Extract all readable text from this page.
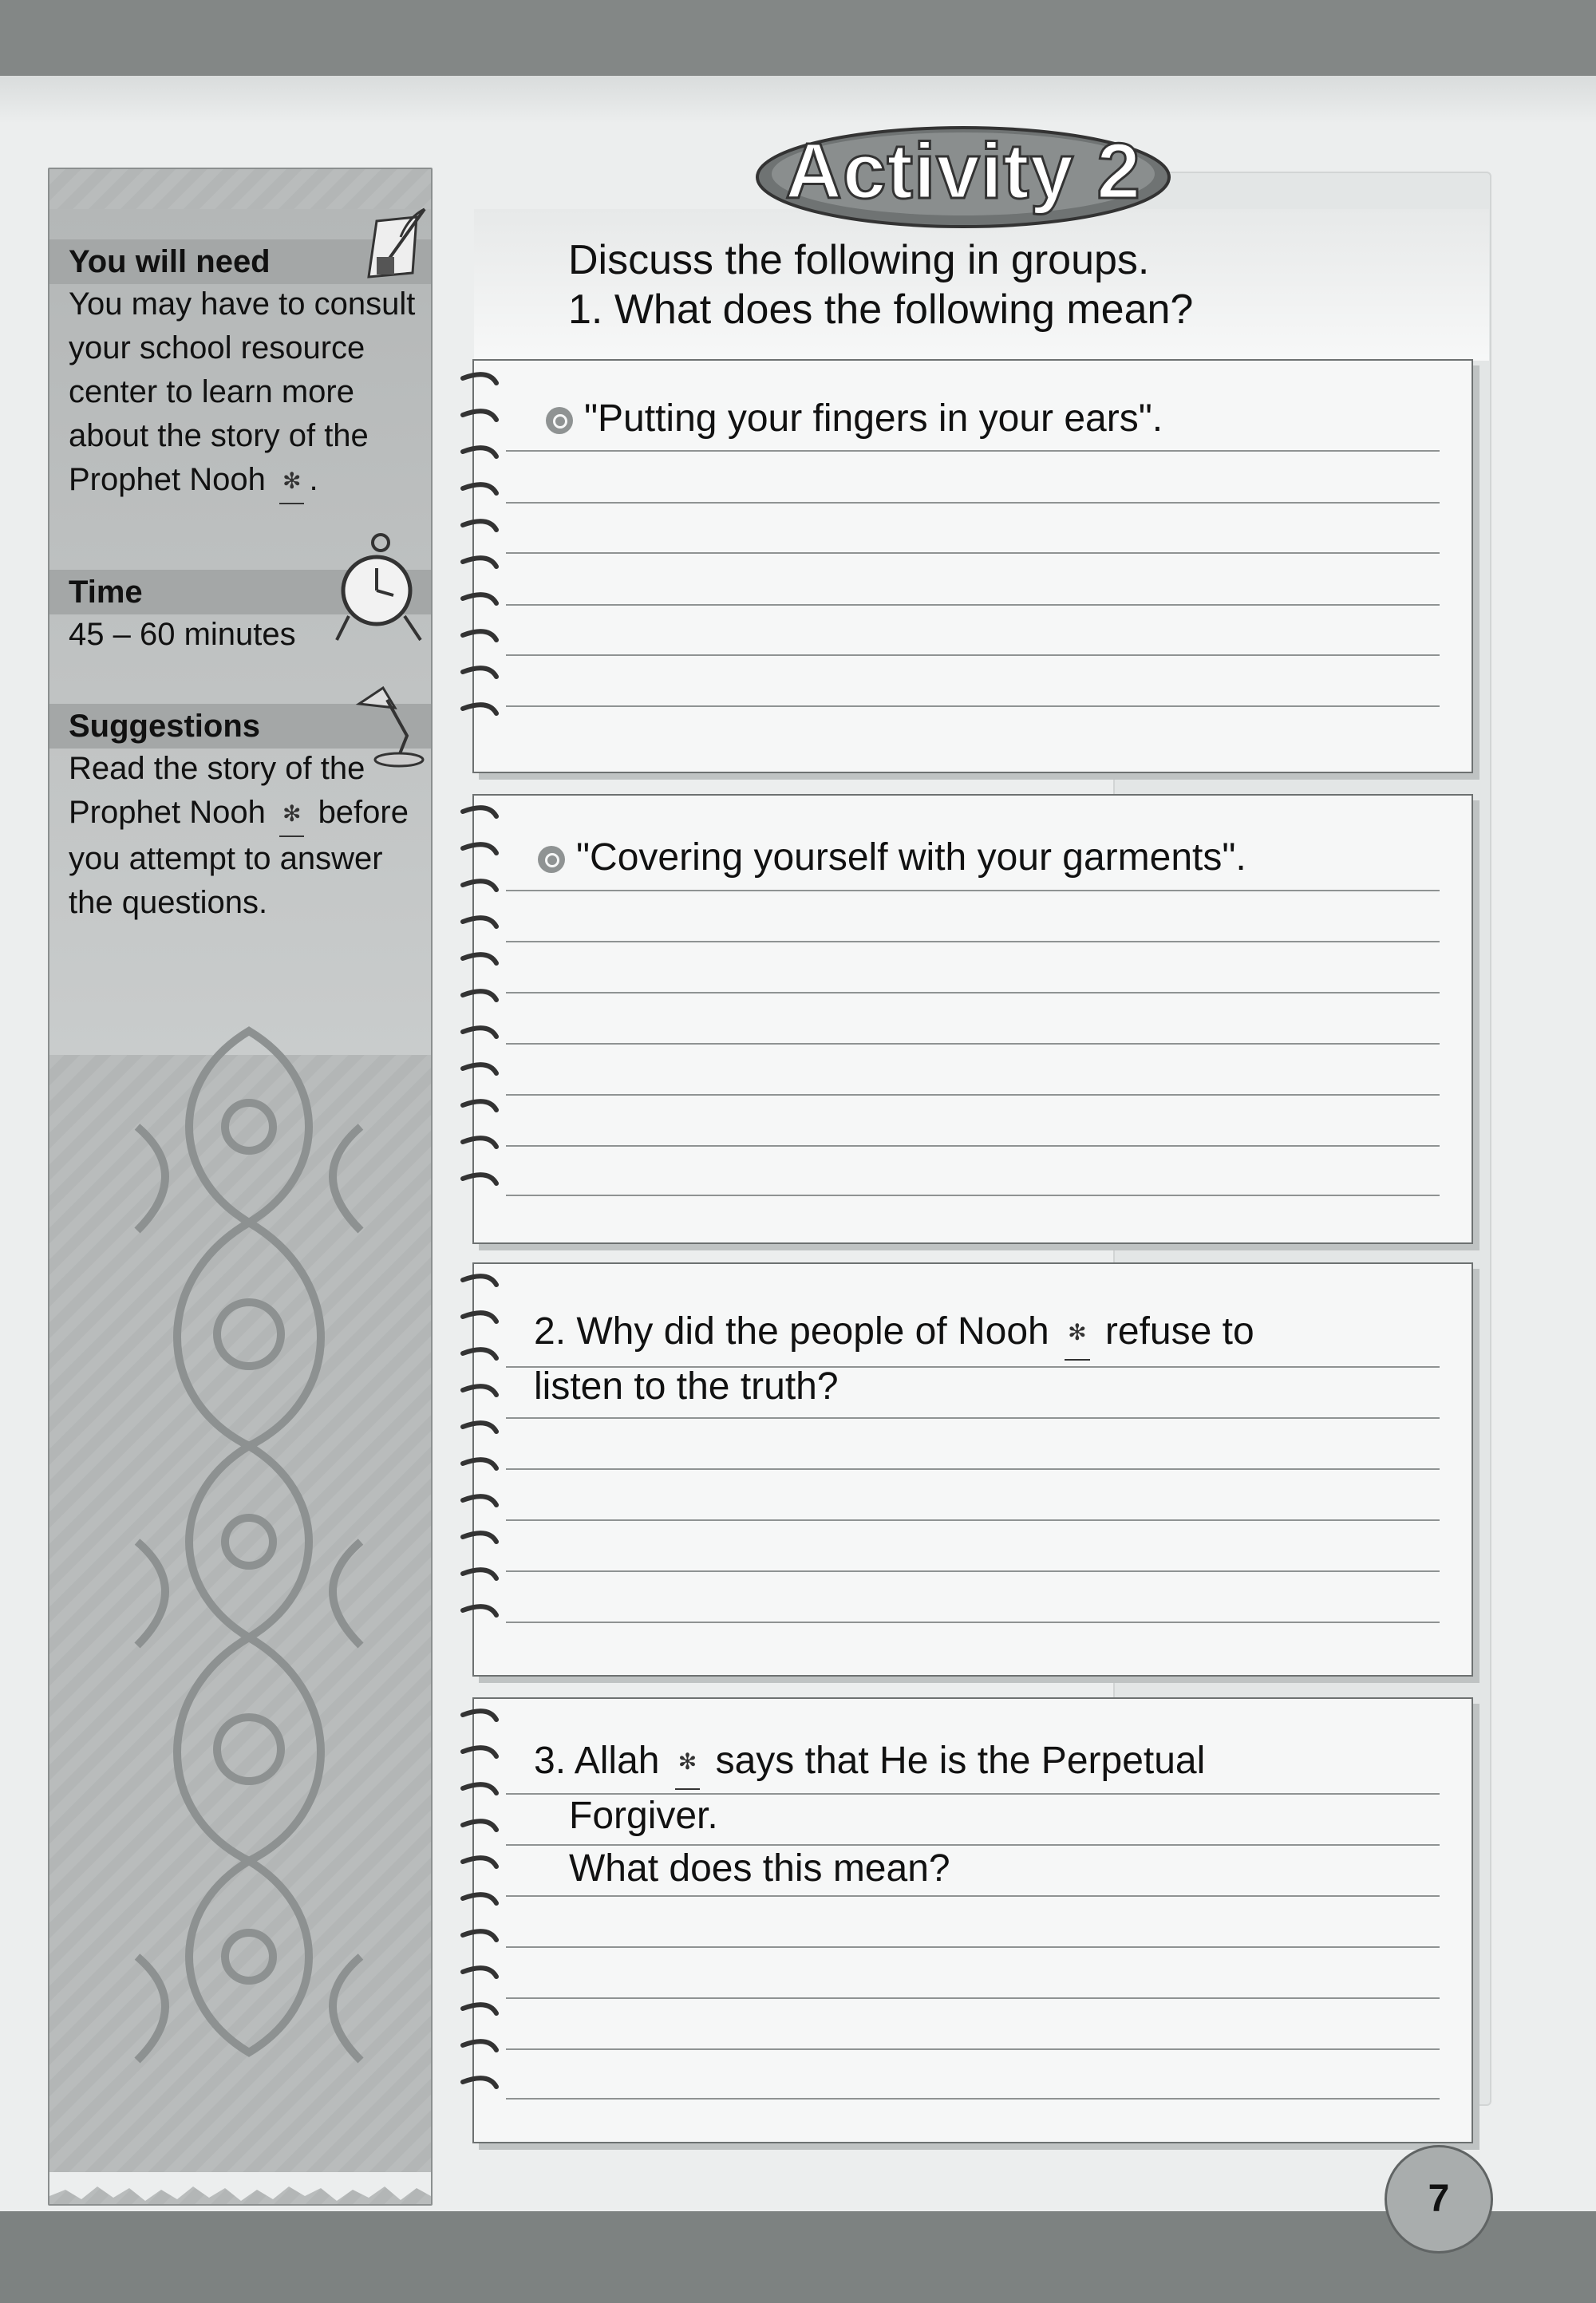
You will need
You may have to consult your school resource center to learn more about the story of the Prophet Nooh ✻ .
Time
45 – 60 minutes
Suggestions
Read the story of the Prophet Nooh ✻ before you attempt to answer the questions.
Activity 2
Discuss the following in groups.
1. What does the following mean?
"Putting your fingers in your ears".
"Covering yourself with your garments".
2. Why did the people of Nooh ✻ refuse to
listen to the truth?
3. Allah ✻ says that He is the Perpetual
Forgiver.
What does this mean?
7
